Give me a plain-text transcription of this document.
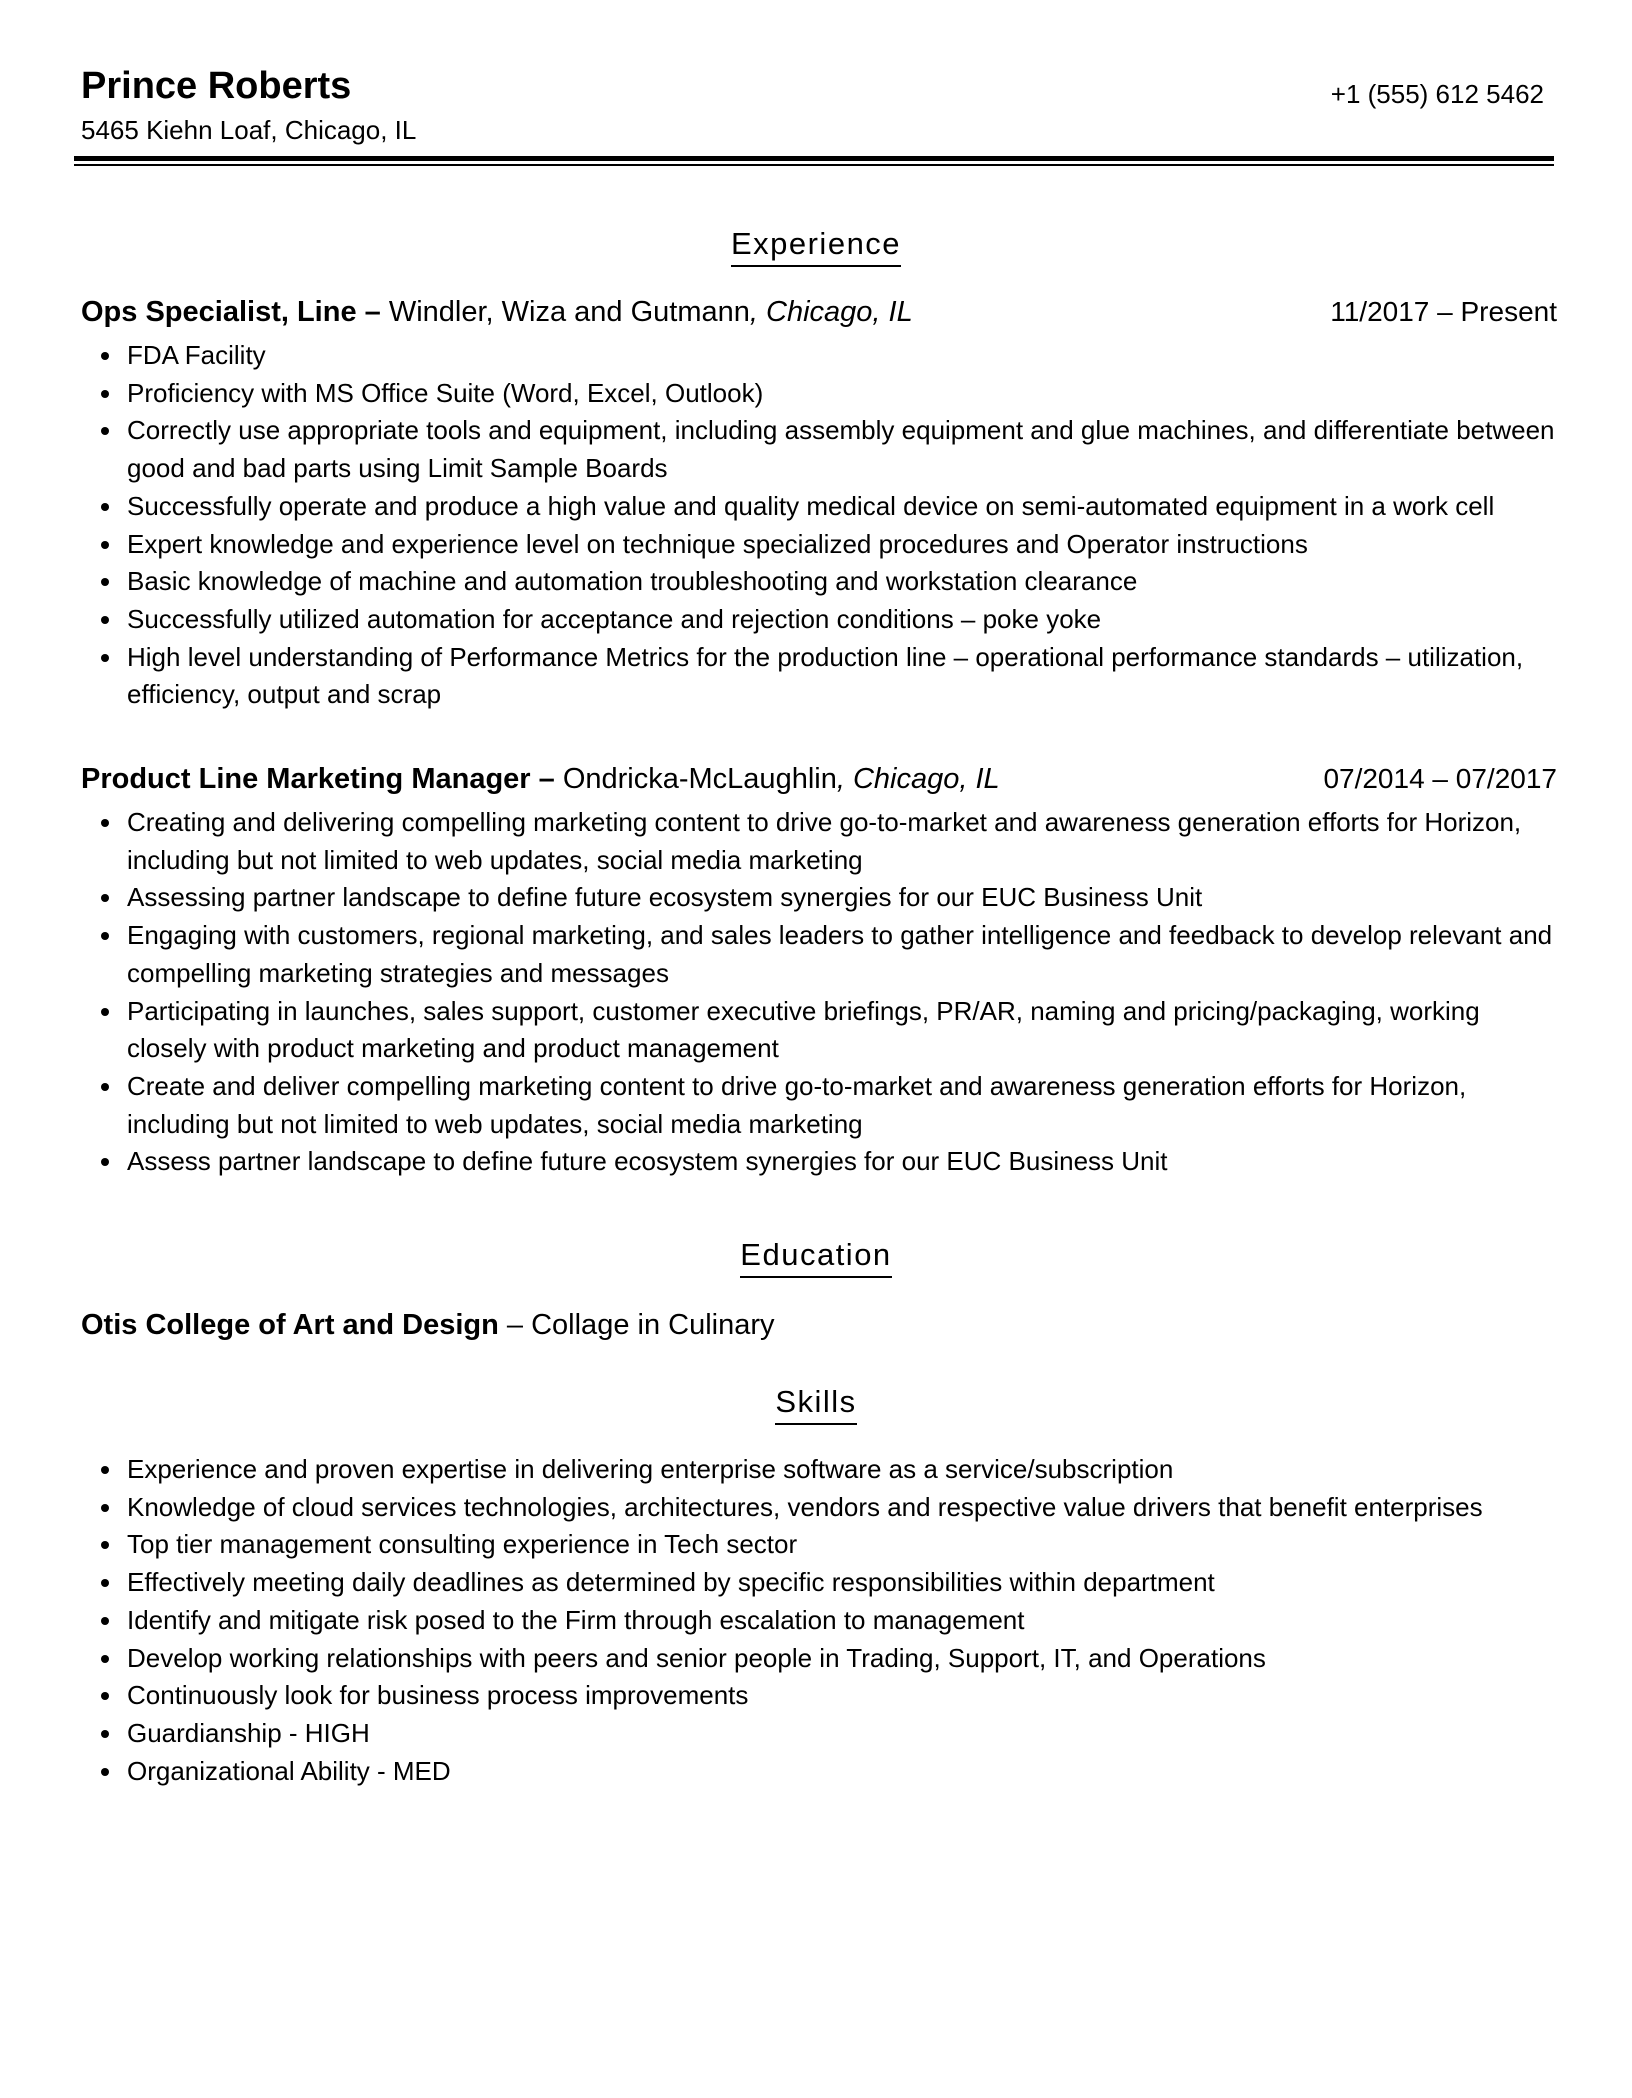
Prince Roberts
5465 Kiehn Loaf, Chicago, IL
+1 (555) 612 5462
Experience
Ops Specialist, Line – Windler, Wiza and Gutmann, Chicago, IL	11/2017 – Present
FDA Facility
Proficiency with MS Office Suite (Word, Excel, Outlook)
Correctly use appropriate tools and equipment, including assembly equipment and glue machines, and differentiate between good and bad parts using Limit Sample Boards
Successfully operate and produce a high value and quality medical device on semi-automated equipment in a work cell
Expert knowledge and experience level on technique specialized procedures and Operator instructions
Basic knowledge of machine and automation troubleshooting and workstation clearance
Successfully utilized automation for acceptance and rejection conditions – poke yoke
High level understanding of Performance Metrics for the production line – operational performance standards – utilization, efficiency, output and scrap
Product Line Marketing Manager – Ondricka-McLaughlin, Chicago, IL	07/2014 – 07/2017
Creating and delivering compelling marketing content to drive go-to-market and awareness generation efforts for Horizon, including but not limited to web updates, social media marketing
Assessing partner landscape to define future ecosystem synergies for our EUC Business Unit
Engaging with customers, regional marketing, and sales leaders to gather intelligence and feedback to develop relevant and compelling marketing strategies and messages
Participating in launches, sales support, customer executive briefings, PR/AR, naming and pricing/packaging, working closely with product marketing and product management
Create and deliver compelling marketing content to drive go-to-market and awareness generation efforts for Horizon, including but not limited to web updates, social media marketing
Assess partner landscape to define future ecosystem synergies for our EUC Business Unit
Education
Otis College of Art and Design – Collage in Culinary
Skills
Experience and proven expertise in delivering enterprise software as a service/subscription
Knowledge of cloud services technologies, architectures, vendors and respective value drivers that benefit enterprises
Top tier management consulting experience in Tech sector
Effectively meeting daily deadlines as determined by specific responsibilities within department
Identify and mitigate risk posed to the Firm through escalation to management
Develop working relationships with peers and senior people in Trading, Support, IT, and Operations
Continuously look for business process improvements
Guardianship - HIGH
Organizational Ability - MED
